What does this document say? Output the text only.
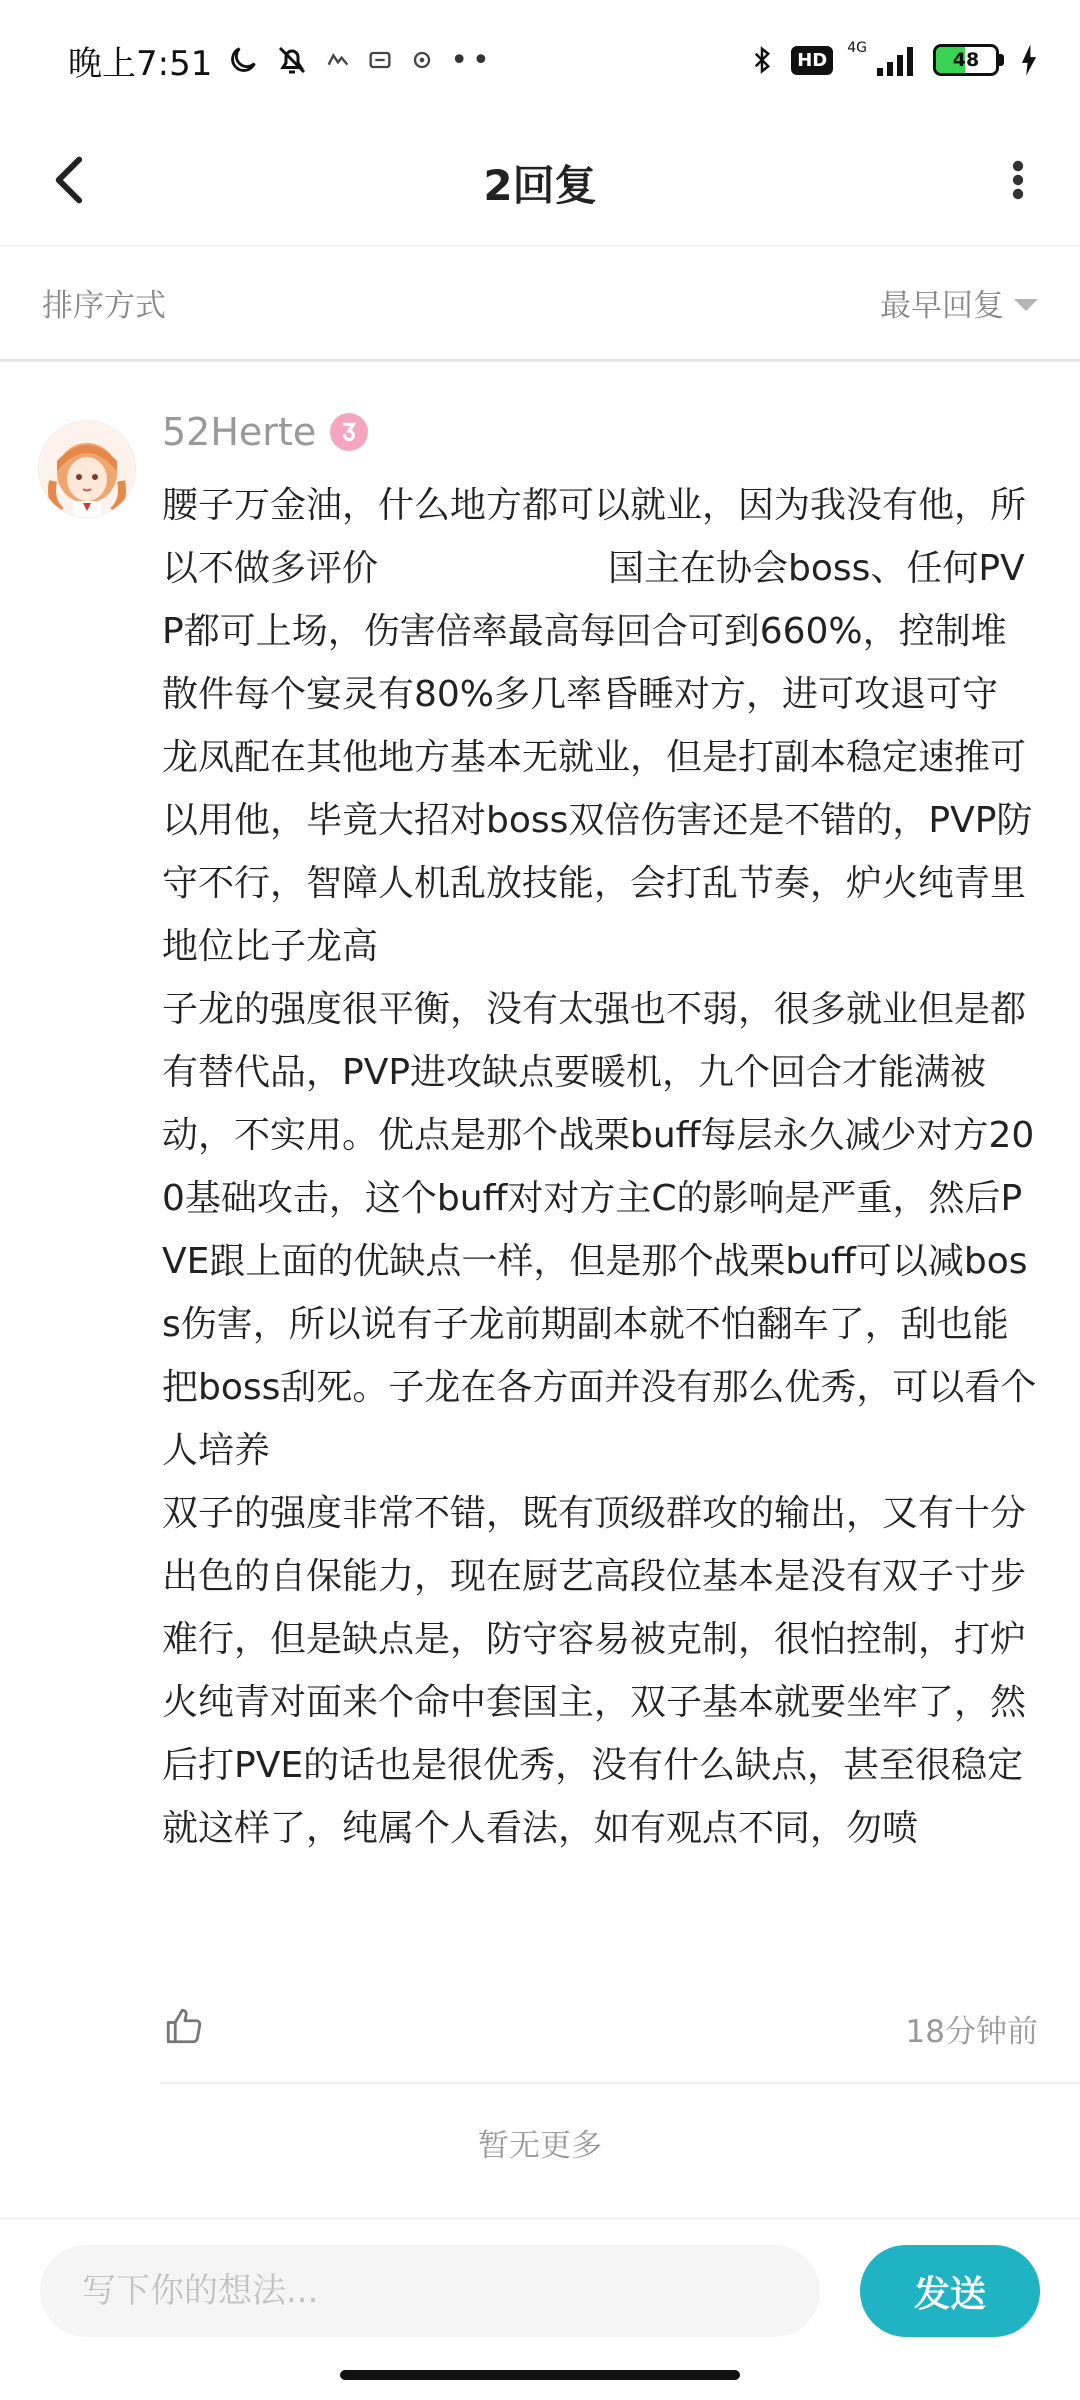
晚上7:51	••	HD
4G
48
2回复
排序方式	最早回复
52Herte

腰子万金油，什么地方都可以就业，因为我没有他，所以不做多评价	国主在协会boss、任何PVP都可上场，伤害倍率最高每回合可到660%，控制堆散件每个宴灵有80%多几率昏睡对方，进可攻退可守

龙凤配在其他地方基本无就业，但是打副本稳定速推可以用他，毕竟大招对boss双倍伤害还是不错的，PVP防守不行，智障人机乱放技能，会打乱节奏，炉火纯青里地位比子龙高

子龙的强度很平衡，没有太强也不弱，很多就业但是都有替代品，PVP进攻缺点要暖机，九个回合才能满被动，不实用。优点是那个战栗buff每层永久减少对方200基础攻击，这个buff对对方主C的影响是严重，然后PVE跟上面的优缺点一样，但是那个战栗buff可以减boss伤害，所以说有子龙前期副本就不怕翻车了，刮也能把boss刮死。子龙在各方面并没有那么优秀，可以看个人培养

双子的强度非常不错，既有顶级群攻的输出，又有十分出色的自保能力，现在厨艺高段位基本是没有双子寸步难行，但是缺点是，防守容易被克制，很怕控制，打炉火纯青对面来个命中套国主，双子基本就要坐牢了，然后打PVE的话也是很优秀，没有什么缺点，甚至很稳定

就这样了，纯属个人看法，如有观点不同，勿喷

18分钟前
暂无更多
写下你的想法...
发送
